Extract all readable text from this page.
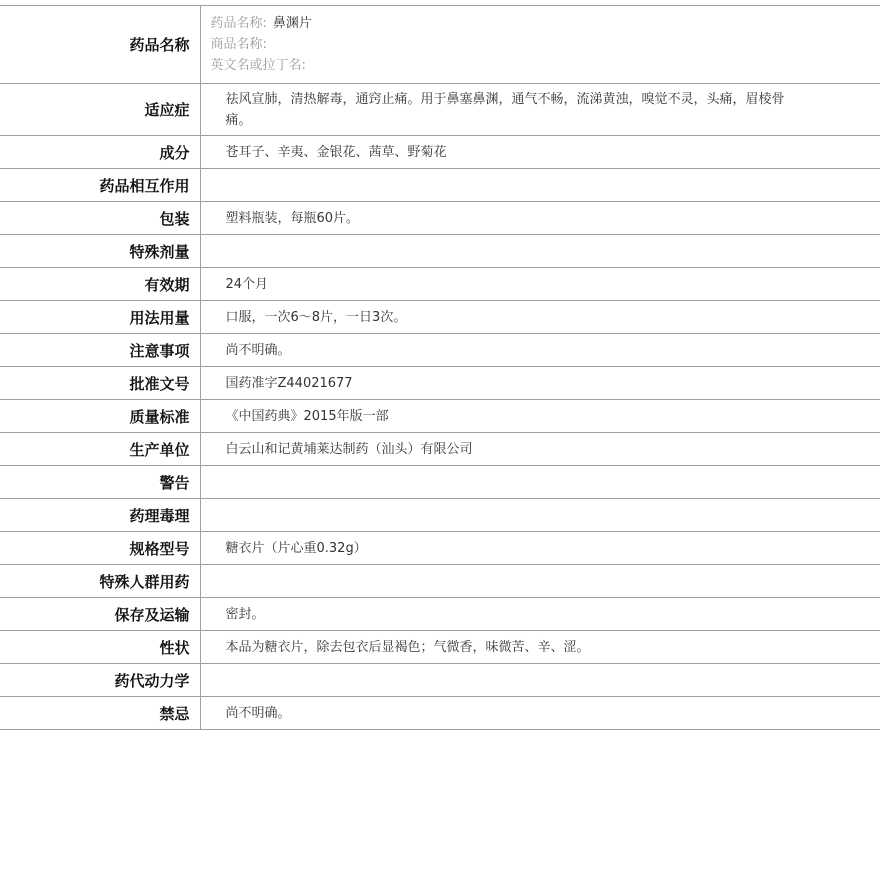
药品名称	药品名称: 鼻渊片
商品名称:
英文名或拉丁名:

适应症	祛风宣肺，清热解毒，通窍止痛。用于鼻塞鼻渊，通气不畅，流涕黄浊，嗅觉不灵，头痛，眉棱骨痛。
成分	苍耳子、辛夷、金银花、茜草、野菊花
药品相互作用	
包装	塑料瓶装，每瓶60片。
特殊剂量	
有效期	24个月
用法用量	口服，一次6～8片，一日3次。
注意事项	尚不明确。
批准文号	国药准字Z44021677
质量标准	《中国药典》2015年版一部
生产单位	白云山和记黄埔莱达制药（汕头）有限公司
警告	
药理毒理	
规格型号	糖衣片（片心重0.32g）
特殊人群用药	
保存及运输	密封。
性状	本品为糖衣片，除去包衣后显褐色；气微香，味微苦、辛、涩。
药代动力学	
禁忌	尚不明确。
